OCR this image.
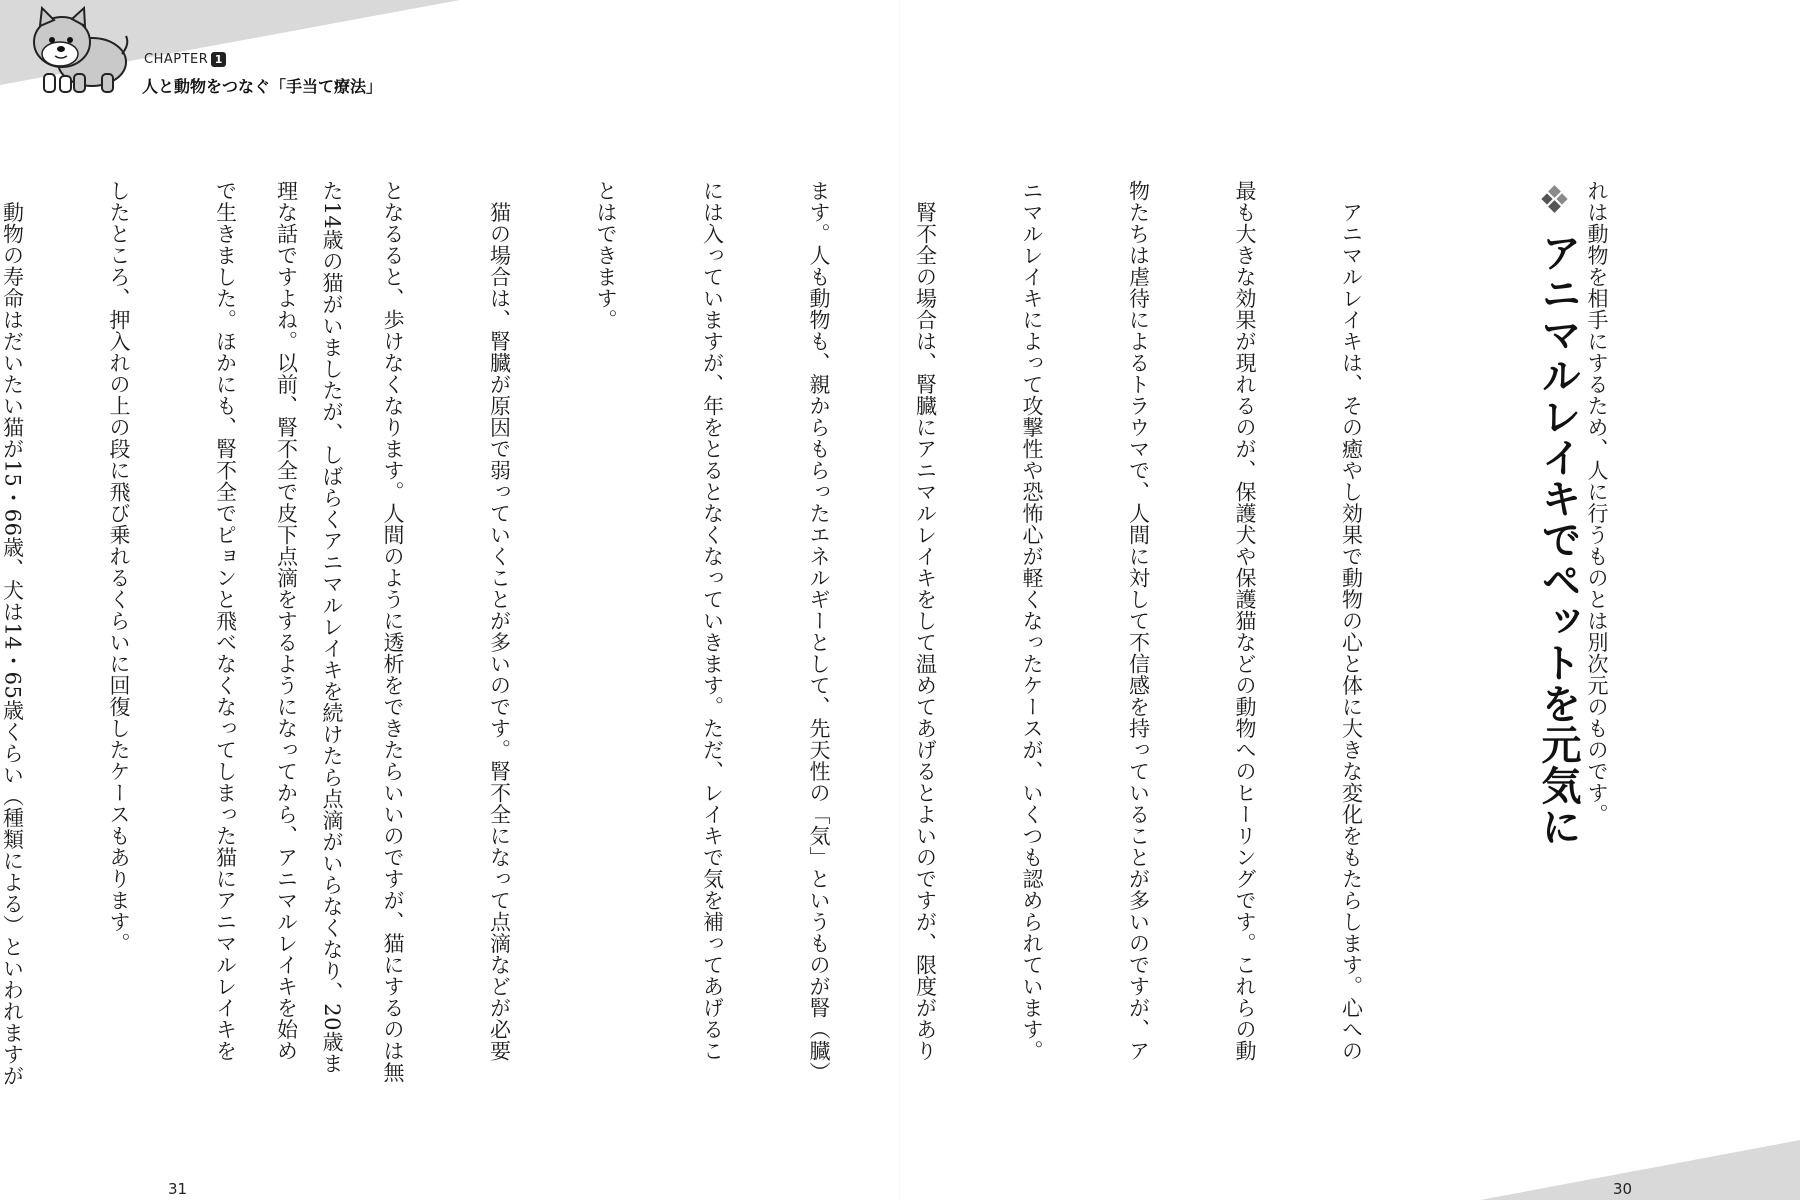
CHAPTER 1
人と動物をつなぐ「手当て療法」

れは動物を相手にするため、人に行うものとは別次元のものです。

　アニマルレイキは、その癒やし効果で動物の心と体に大きな変化をもたらします。心への

最も大きな効果が現れるのが、保護犬や保護猫などの動物へのヒーリングです。これらの動

物たちは虐待によるトラウマで、人間に対して不信感を持っていることが多いのですが、ア

ニマルレイキによって攻撃性や恐怖心が軽くなったケースが、いくつも認められています。

　腎不全の場合は、腎臓にアニマルレイキをして温めてあげるとよいのですが、限度があり

ます。人も動物も、親からもらったエネルギーとして、先天性の「気」というものが腎（臓）

には入っていますが、年をとるとなくなっていきます。ただ、レイキで気を補ってあげるこ

とはできます。

　猫の場合は、腎臓が原因で弱っていくことが多いのです。腎不全になって点滴などが必要

となるると、歩けなくなります。人間のように透析をできたらいいのですが、猫にするのは無

理な話ですよね。以前、腎不全で皮下点滴をするようになってから、アニマルレイキを始め	アニマルレイキでペットを元気に

た14歳の猫がいましたが、しばらくアニマルレイキを続けたら点滴がいらなくなり、20歳ま

で生きました。ほかにも、腎不全でピョンと飛べなくなってしまった猫にアニマルレイキを

したところ、押入れの上の段に飛び乗れるくらいに回復したケースもあります。

　動物の寿命はだいたい猫が15・66歳、犬は14・65歳くらい（種類による）といわれますが

31	30
